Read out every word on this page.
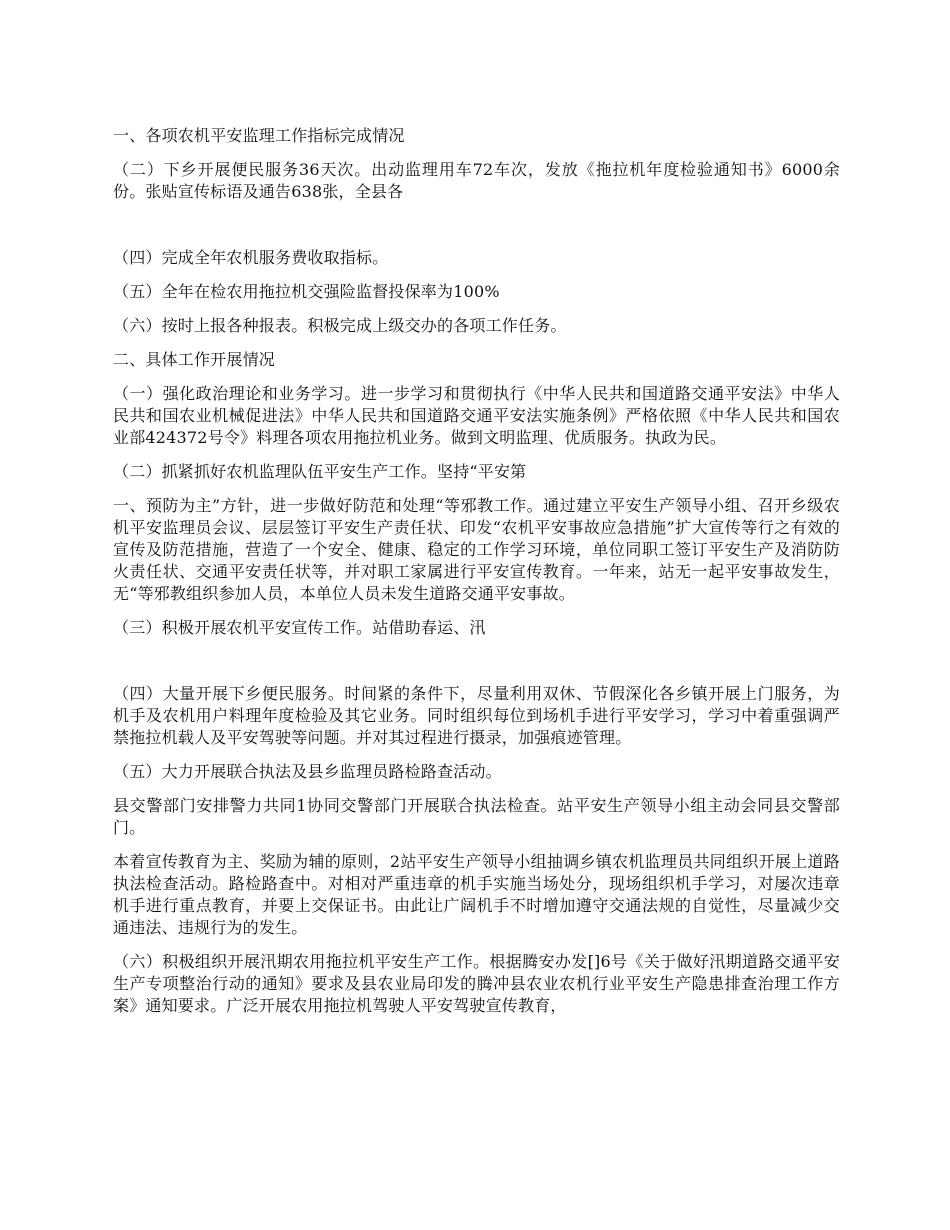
一、各项农机平安监理工作指标完成情况

（二）下乡开展便民服务36天次。出动监理用车72车次，发放《拖拉机年度检验通知书》6000余份。张贴宣传标语及通告638张，全县各

（四）完成全年农机服务费收取指标。

（五）全年在检农用拖拉机交强险监督投保率为100%

（六）按时上报各种报表。积极完成上级交办的各项工作任务。

二、具体工作开展情况

（一）强化政治理论和业务学习。进一步学习和贯彻执行《中华人民共和国道路交通平安法》中华人民共和国农业机械促进法》中华人民共和国道路交通平安法实施条例》严格依照《中华人民共和国农业部424372号令》料理各项农用拖拉机业务。做到文明监理、优质服务。执政为民。

（二）抓紧抓好农机监理队伍平安生产工作。坚持“平安第

一、预防为主”方针，进一步做好防范和处理“等邪教工作。通过建立平安生产领导小组、召开乡级农机平安监理员会议、层层签订平安生产责任状、印发“农机平安事故应急措施”扩大宣传等行之有效的宣传及防范措施，营造了一个安全、健康、稳定的工作学习环境，单位同职工签订平安生产及消防防火责任状、交通平安责任状等，并对职工家属进行平安宣传教育。一年来，站无一起平安事故发生，无“等邪教组织参加人员，本单位人员未发生道路交通平安事故。

（三）积极开展农机平安宣传工作。站借助春运、汛

（四）大量开展下乡便民服务。时间紧的条件下，尽量利用双休、节假深化各乡镇开展上门服务，为机手及农机用户料理年度检验及其它业务。同时组织每位到场机手进行平安学习，学习中着重强调严禁拖拉机载人及平安驾驶等问题。并对其过程进行摄录，加强痕迹管理。

（五）大力开展联合执法及县乡监理员路检路查活动。

县交警部门安排警力共同1协同交警部门开展联合执法检查。站平安生产领导小组主动会同县交警部门。

本着宣传教育为主、奖励为辅的原则，2站平安生产领导小组抽调乡镇农机监理员共同组织开展上道路执法检查活动。路检路查中。对相对严重违章的机手实施当场处分，现场组织机手学习，对屡次违章机手进行重点教育，并要上交保证书。由此让广阔机手不时增加遵守交通法规的自觉性，尽量减少交通违法、违规行为的发生。

（六）积极组织开展汛期农用拖拉机平安生产工作。根据腾安办发[]6号《关于做好汛期道路交通平安生产专项整治行动的通知》要求及县农业局印发的腾冲县农业农机行业平安生产隐患排查治理工作方案》通知要求。广泛开展农用拖拉机驾驶人平安驾驶宣传教育，
